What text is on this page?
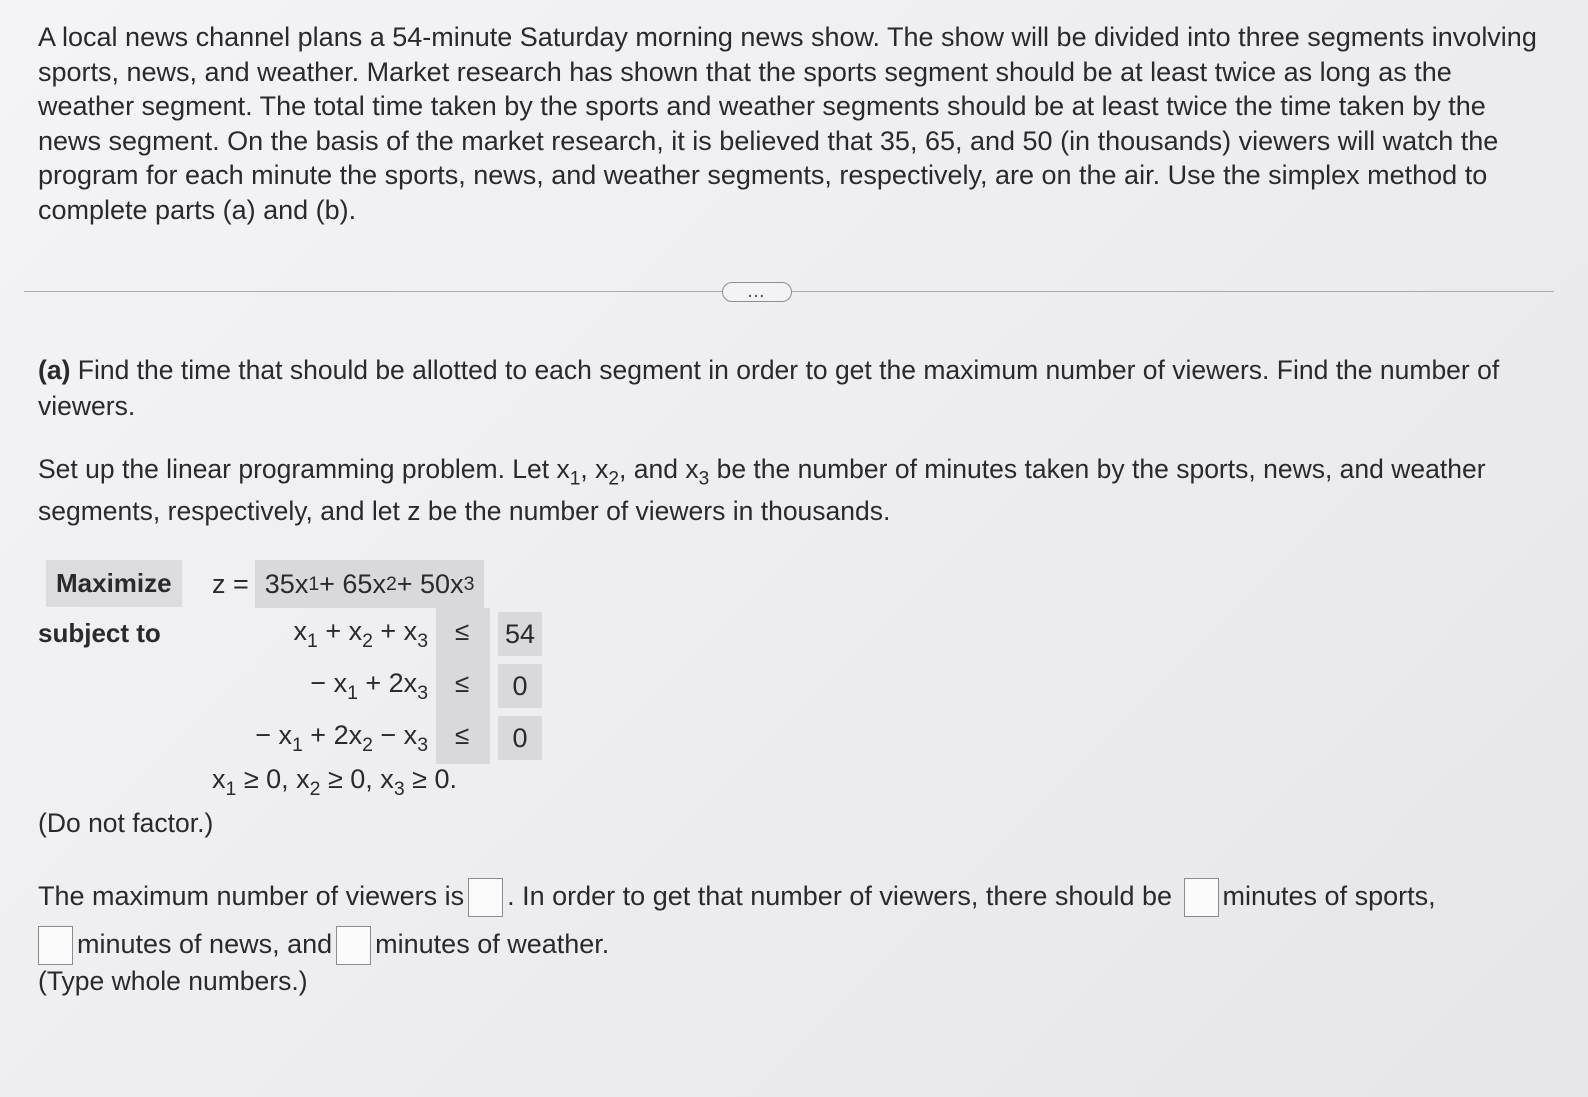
A local news channel plans a 54-minute Saturday morning news show. The show will be divided into three segments involving sports, news, and weather. Market research has shown that the sports segment should be at least twice as long as the weather segment. The total time taken by the sports and weather segments should be at least twice the time taken by the news segment. On the basis of the market research, it is believed that 35, 65, and 50 (in thousands) viewers will watch the program for each minute the sports, news, and weather segments, respectively, are on the air. Use the simplex method to complete parts (a) and (b).

...
(a) Find the time that should be allotted to each segment in order to get the maximum number of viewers. Find the number of viewers.
Set up the linear programming problem. Let $x_1$, $x_2$, and $x_3$ be the number of minutes taken by the sports, news, and weather segments, respectively, and let z be the number of viewers in thousands.
Maximize
subject to
z = 35x 1 + 65x 2 + 50x 3
$x_1 + x_2 + x_3 \le 54$
− $x_1 + 2x_3$ ≤	0
− $x_1 + 2x_2 - x_3$ ≤	0
$x_1 \ge 0$, $x_2 \ge 0$, $x_3 \ge 0$.
(Do not factor.)
The maximum number of viewers is . In order to get that number of viewers, there should be minutes of sports,
minutes of news, and minutes of weather.
(Type whole numbers.)
